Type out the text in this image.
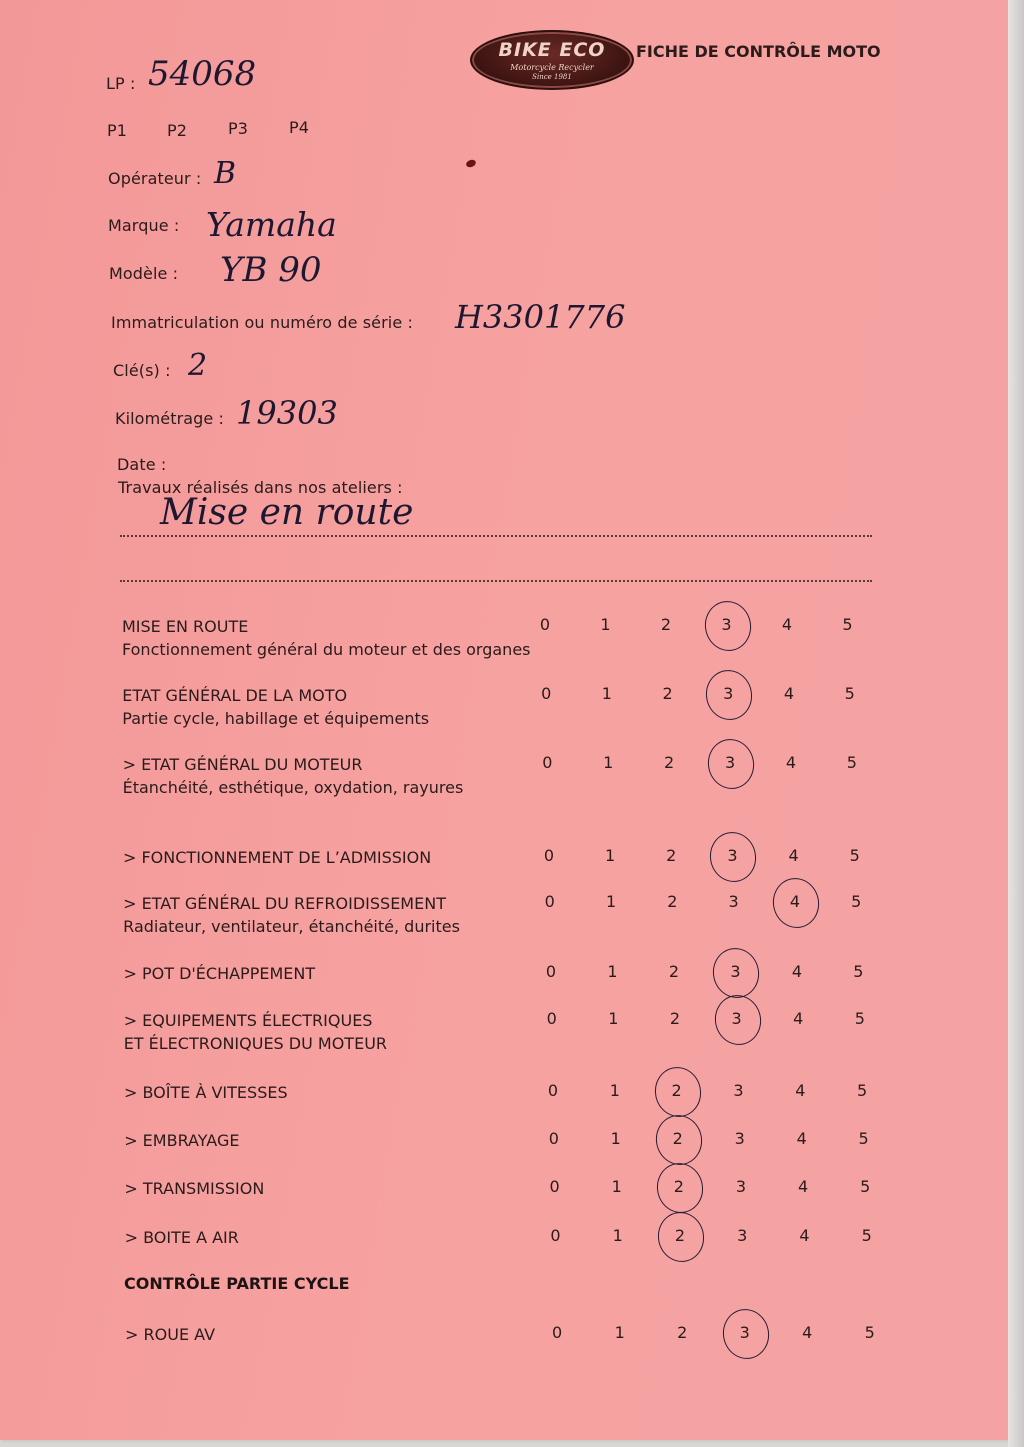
BIKE ECO
Motorcycle Recycler
Since 1981
FICHE DE CONTRÔLE MOTO
LP : 54068
P1 P2	P3	P4
Opérateur : B
Marque : Yamaha
Modèle : YB 90
Immatriculation ou numéro de série : H3301776
Clé(s) : 2
Kilométrage : 19303
Date :
Travaux réalisés dans nos ateliers :
Mise en route
MISE EN ROUTE
Fonctionnement général du moteur et des organes
0	1	2	3	4	5
ETAT GÉNÉRAL DE LA MOTO
Partie cycle, habillage et équipements
0	1	2	3	4	5
> ETAT GÉNÉRAL DU MOTEUR
Étanchéité, esthétique, oxydation, rayures
0	1	2	3	4	5
> FONCTIONNEMENT DE L’ADMISSION	0	1	2	3	4	5
> ETAT GÉNÉRAL DU REFROIDISSEMENT
Radiateur, ventilateur, étanchéité, durites
0	1	2	3	4	5
> POT D'ÉCHAPPEMENT	0	1	2	3	4	5
> EQUIPEMENTS ÉLECTRIQUES
ET ÉLECTRONIQUES DU MOTEUR
0	1	2	3	4	5
> BOÎTE À VITESSES	0	1	2	3	4	5
> EMBRAYAGE	0	1	2	3	4	5
> TRANSMISSION	0	1	2	3	4	5
> BOITE A AIR	0	1	2	3	4	5
CONTRÔLE PARTIE CYCLE
> ROUE AV	0	1	2	3	4	5
